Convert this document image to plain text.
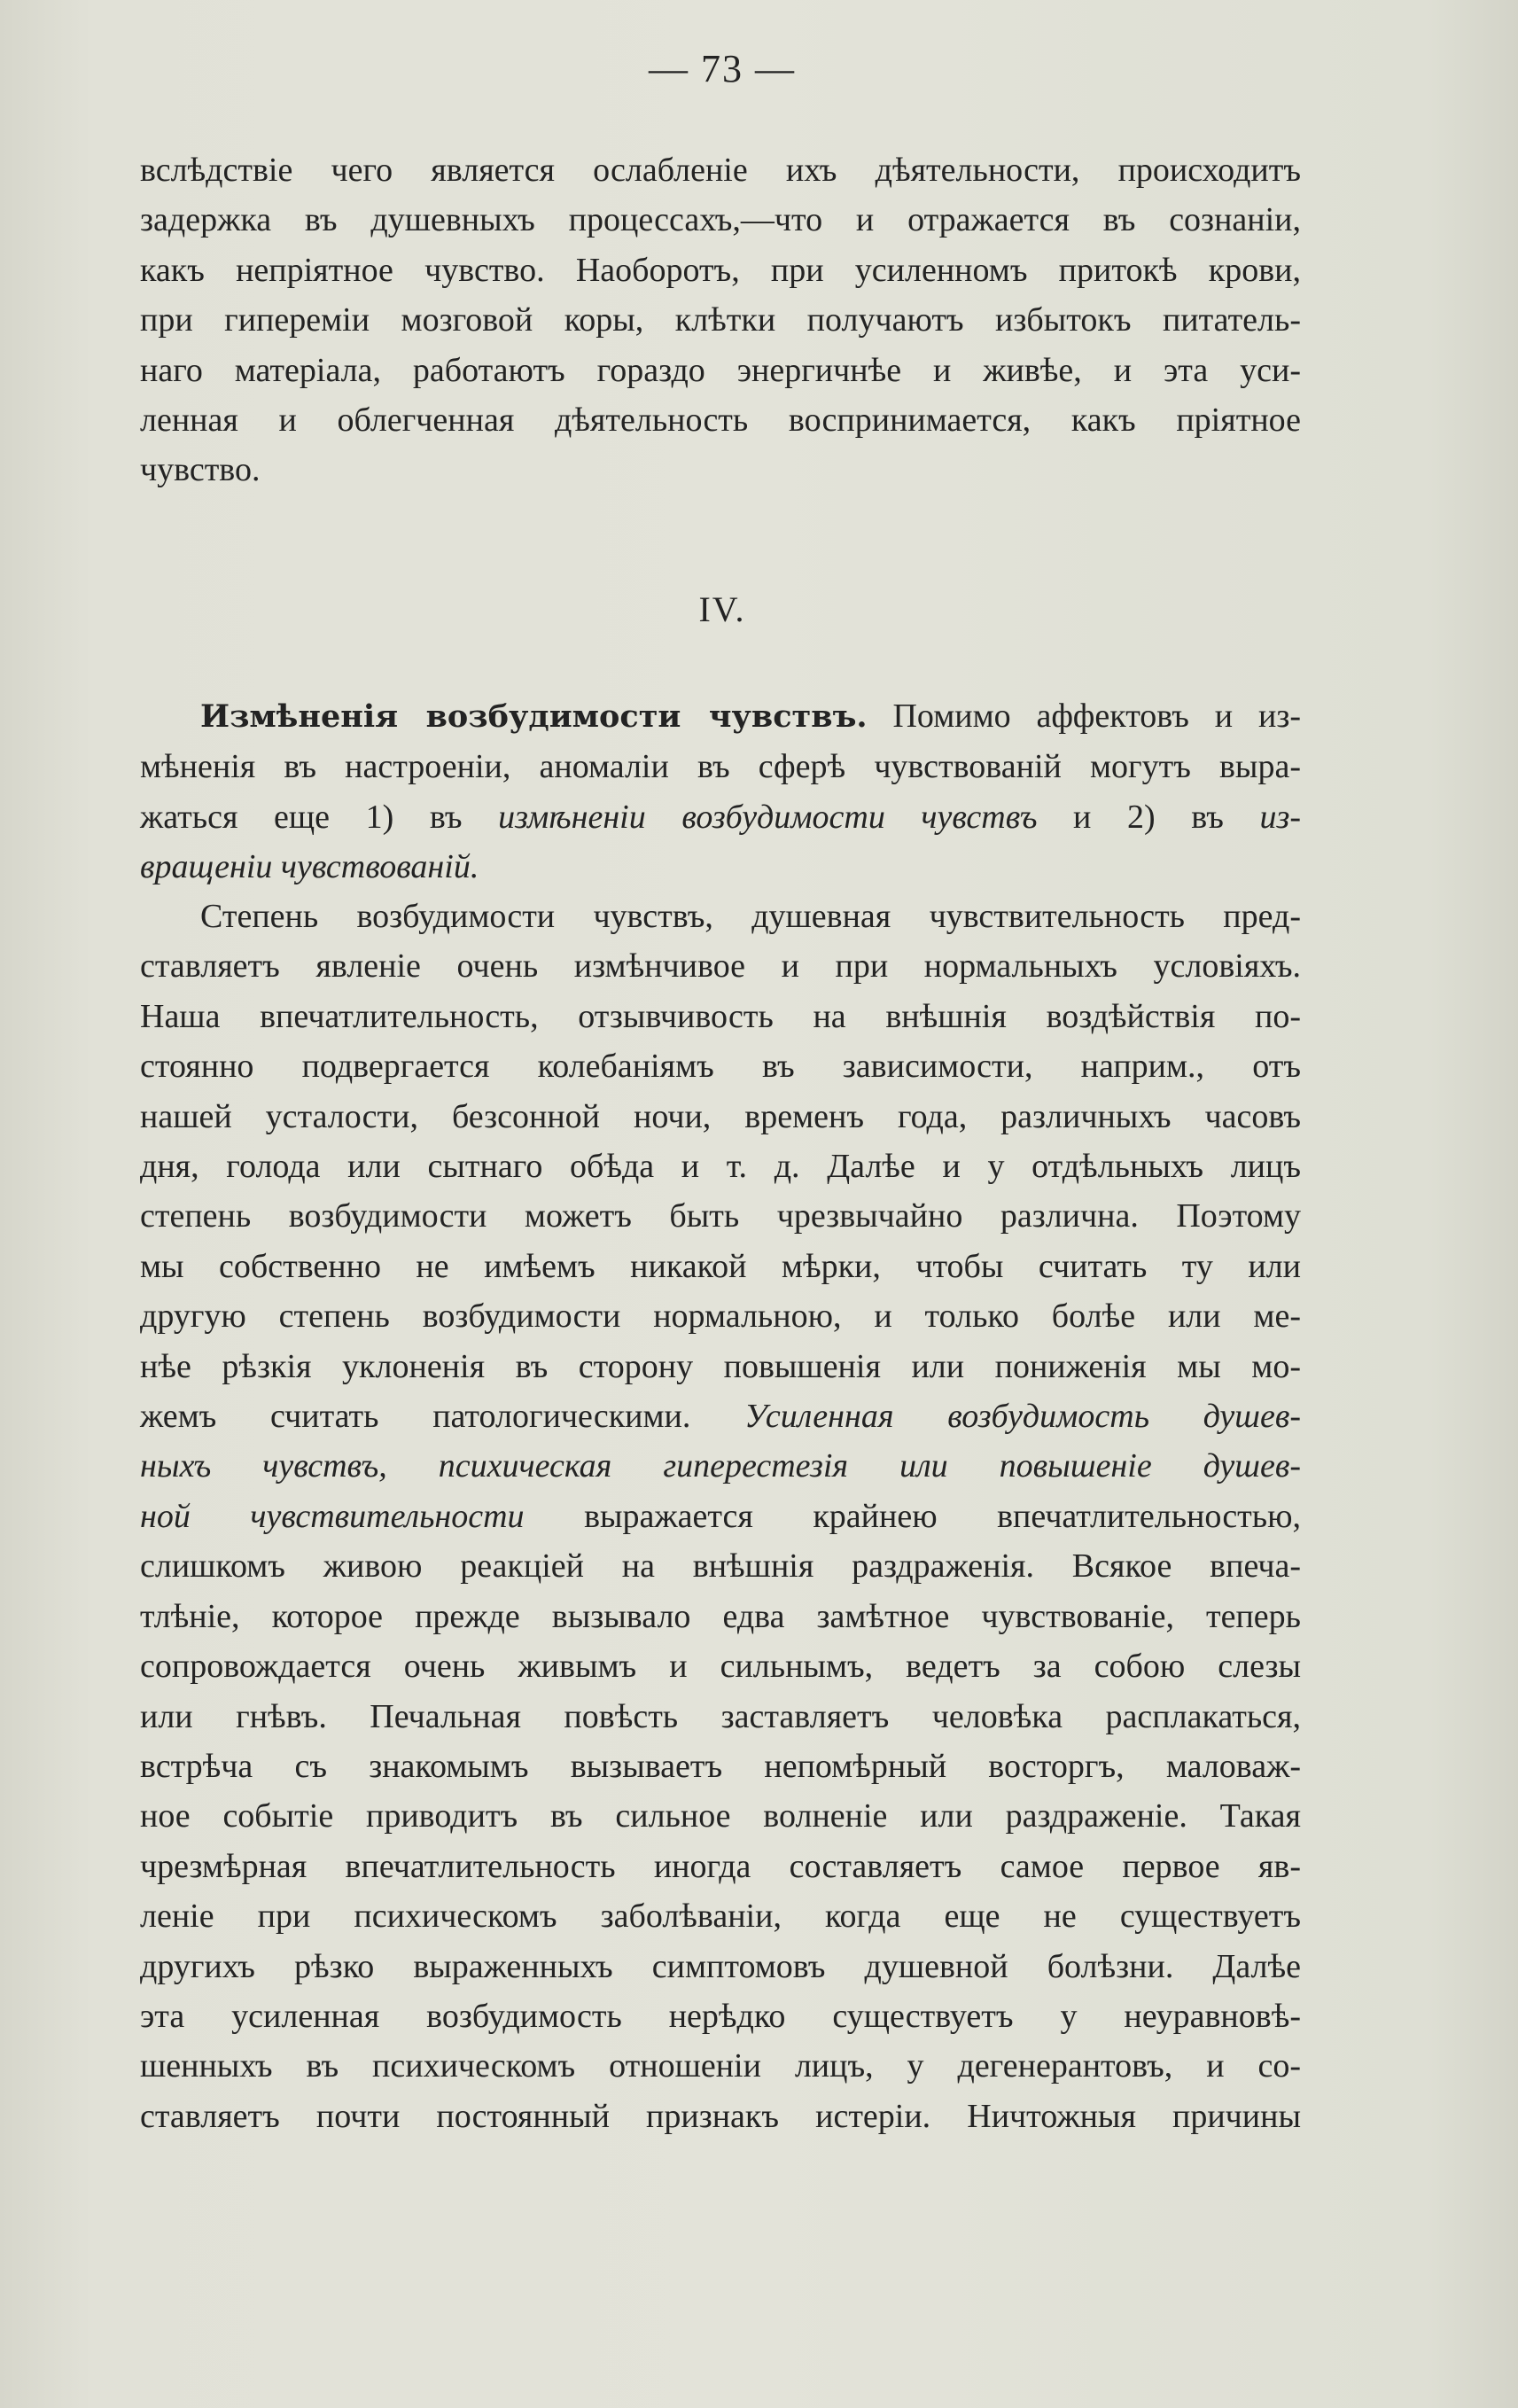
— 73 —
вслѣдствіе чего является ослабленіе ихъ дѣятельности, происходитъ
задержка въ душевныхъ процессахъ,—что и отражается въ сознаніи,
какъ непріятное чувство. Наоборотъ, при усиленномъ притокѣ крови,
при гипереміи мозговой коры, клѣтки получаютъ избытокъ питатель-
наго матеріала, работаютъ гораздо энергичнѣе и живѣе, и эта уси-
ленная и облегченная дѣятельность воспринимается, какъ пріятное
чувство.
IV.
Измѣненія возбудимости чувствъ. Помимо аффектовъ и из-
мѣненія въ настроеніи, аномаліи въ сферѣ чувствованій могутъ выра-
жаться еще 1) въ измѣненіи возбудимости чувствъ и 2) въ из-
вращеніи чувствованій.
Степень возбудимости чувствъ, душевная чувствительность пред-
ставляетъ явленіе очень измѣнчивое и при нормальныхъ условіяхъ.
Наша впечатлительность, отзывчивость на внѣшнія воздѣйствія по-
стоянно подвергается колебаніямъ въ зависимости, наприм., отъ
нашей усталости, безсонной ночи, временъ года, различныхъ часовъ
дня, голода или сытнаго обѣда и т. д. Далѣе и у отдѣльныхъ лицъ
степень возбудимости можетъ быть чрезвычайно различна. Поэтому
мы собственно не имѣемъ никакой мѣрки, чтобы считать ту или
другую степень возбудимости нормальною, и только болѣе или ме-
нѣе рѣзкія уклоненія въ сторону повышенія или пониженія мы мо-
жемъ считать патологическими. Усиленная возбудимость душев-
ныхъ чувствъ, психическая гиперестезія или повышеніе душев-
ной чувствительности выражается крайнею впечатлительностью,
слишкомъ живою реакціей на внѣшнія раздраженія. Всякое впеча-
тлѣніе, которое прежде вызывало едва замѣтное чувствованіе, теперь
сопровождается очень живымъ и сильнымъ, ведетъ за собою слезы
или гнѣвъ. Печальная повѣсть заставляетъ человѣка расплакаться,
встрѣча съ знакомымъ вызываетъ непомѣрный восторгъ, маловаж-
ное событіе приводитъ въ сильное волненіе или раздраженіе. Такая
чрезмѣрная впечатлительность иногда составляетъ самое первое яв-
леніе при психическомъ заболѣваніи, когда еще не существуетъ
другихъ рѣзко выраженныхъ симптомовъ душевной болѣзни. Далѣе
эта усиленная возбудимость нерѣдко существуетъ у неуравновѣ-
шенныхъ въ психическомъ отношеніи лицъ, у дегенерантовъ, и со-
ставляетъ почти постоянный признакъ истеріи. Ничтожныя причины
